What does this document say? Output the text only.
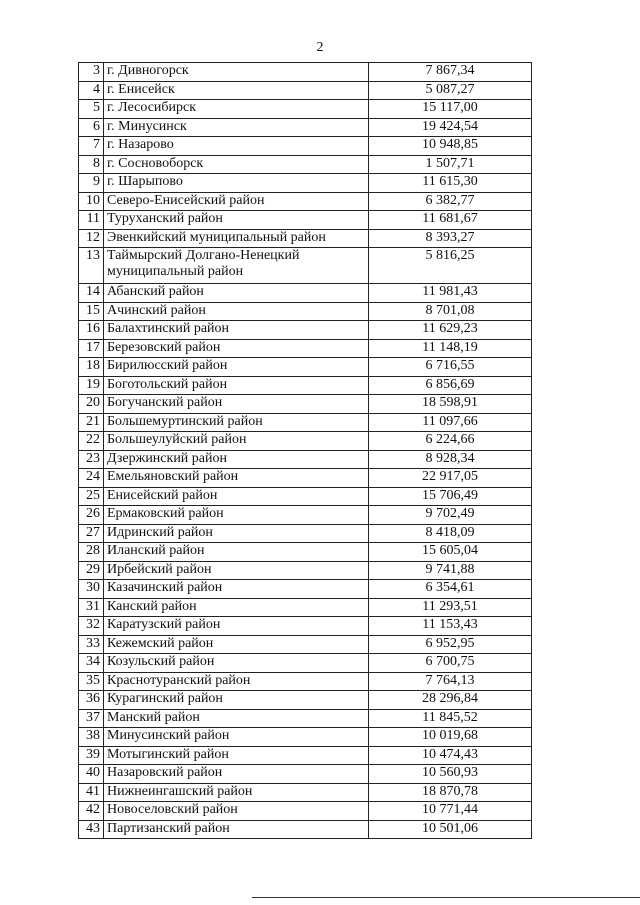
2
3	г. Дивногорск	7 867,34
4	г. Енисейск	5 087,27
5	г. Лесосибирск	15 117,00
6	г. Минусинск	19 424,54
7	г. Назарово	10 948,85
8	г. Сосновоборск	1 507,71
9	г. Шарыпово	11 615,30
10	Северо-Енисейский район	6 382,77
11	Туруханский район	11 681,67
12	Эвенкийский муниципальный район	8 393,27
13	Таймырский Долгано-Ненецкий муниципальный район	5 816,25
14	Абанский район	11 981,43
15	Ачинский район	8 701,08
16	Балахтинский район	11 629,23
17	Березовский район	11 148,19
18	Бирилюсский район	6 716,55
19	Боготольский район	6 856,69
20	Богучанский район	18 598,91
21	Большемуртинский район	11 097,66
22	Большеулуйский район	6 224,66
23	Дзержинский район	8 928,34
24	Емельяновский район	22 917,05
25	Енисейский район	15 706,49
26	Ермаковский район	9 702,49
27	Идринский район	8 418,09
28	Иланский район	15 605,04
29	Ирбейский район	9 741,88
30	Казачинский район	6 354,61
31	Канский район	11 293,51
32	Каратузский район	11 153,43
33	Кежемский район	6 952,95
34	Козульский район	6 700,75
35	Краснотуранский район	7 764,13
36	Курагинский район	28 296,84
37	Манский район	11 845,52
38	Минусинский район	10 019,68
39	Мотыгинский район	10 474,43
40	Назаровский район	10 560,93
41	Нижнеингашский район	18 870,78
42	Новоселовский район	10 771,44
43	Партизанский район	10 501,06
